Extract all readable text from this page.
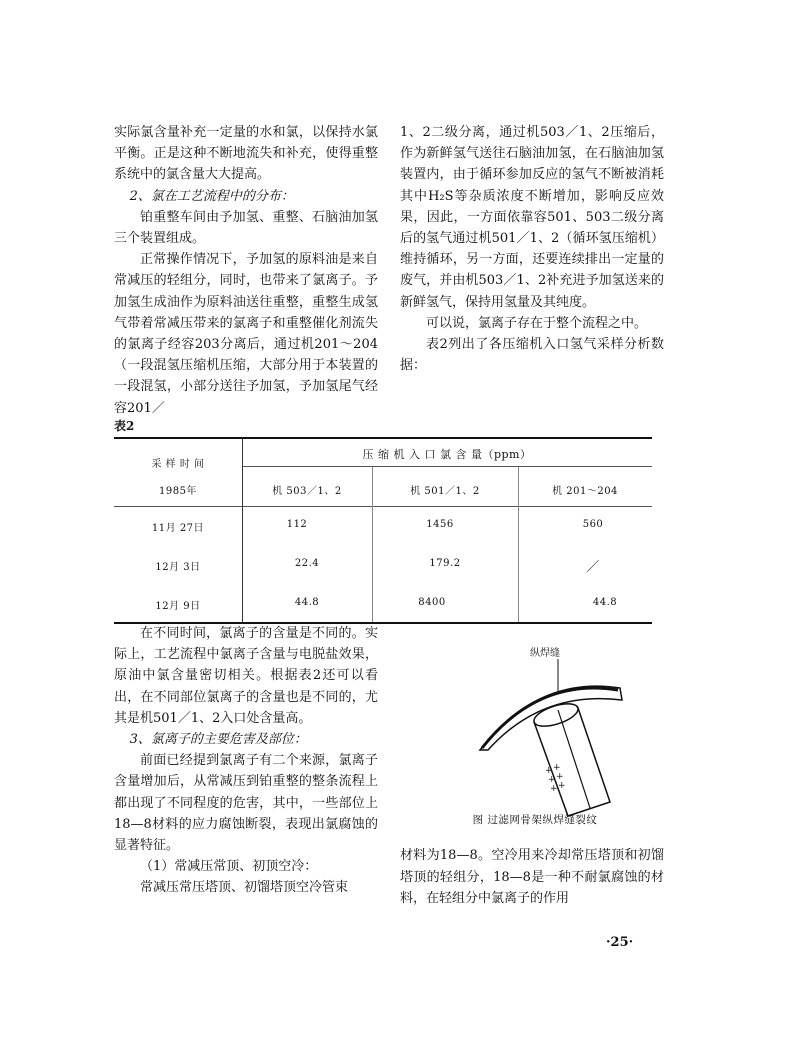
实际氯含量补充一定量的水和氯，以保持水氯平衡。正是这种不断地流失和补充，使得重整系统中的氯含量大大提高。

2、氯在工艺流程中的分布：

铂重整车间由予加氢、重整、石脑油加氢三个装置组成。

正常操作情况下，予加氢的原料油是来自常减压的轻组分，同时，也带来了氯离子。予加氢生成油作为原料油送往重整，重整生成氢气带着常减压带来的氯离子和重整催化剂流失的氯离子经容203分离后，通过机201～204（一段混氢压缩机压缩，大部分用于本装置的一段混氢，小部分送往予加氢，予加氢尾气经容201／

1、2二级分离，通过机503／1、2压缩后，作为新鲜氢气送往石脑油加氢，在石脑油加氢装置内，由于循环参加反应的氢气不断被消耗其中H₂S等杂质浓度不断增加，影响反应效果，因此，一方面依靠容501、503二级分离后的氢气通过机501／1、2（循环氢压缩机）维持循环，另一方面，还要连续排出一定量的废气，并由机503／1、2补充进予加氢送来的新鲜氢气，保持用氢量及其纯度。

可以说，氯离子存在于整个流程之中。

表2列出了各压缩机入口氢气采样分析数据：

表2
采 样 时 间
1985年
压 缩 机 入 口 氯 含 量（ppm）
机 503／1、2	机 501／1、2	机 201～204
11月 27日	112	1456	560
12月 3日	22.4	179.2	／
12月 9日	44.8	8400	44.8

在不同时间，氯离子的含量是不同的。实际上，工艺流程中氯离子含量与电脱盐效果，原油中氯含量密切相关。根据表2还可以看出，在不同部位氯离子的含量也是不同的，尤其是机501／1、2入口处含量高。

3、氯离子的主要危害及部位：

前面已经提到氯离子有二个来源，氯离子含量增加后，从常减压到铂重整的整条流程上都出现了不同程度的危害，其中，一些部位上18—8材料的应力腐蚀断裂，表现出氯腐蚀的显著特征。

（1）常减压常顶、初顶空冷：

常减压常压塔顶、初馏塔顶空冷管束

纵焊缝
+ +
+ +
+ +
图 过滤网骨架纵焊缝裂纹

材料为18—8。空冷用来冷却常压塔顶和初馏塔顶的轻组分，18—8是一种不耐氯腐蚀的材料，在轻组分中氯离子的作用

·25·
